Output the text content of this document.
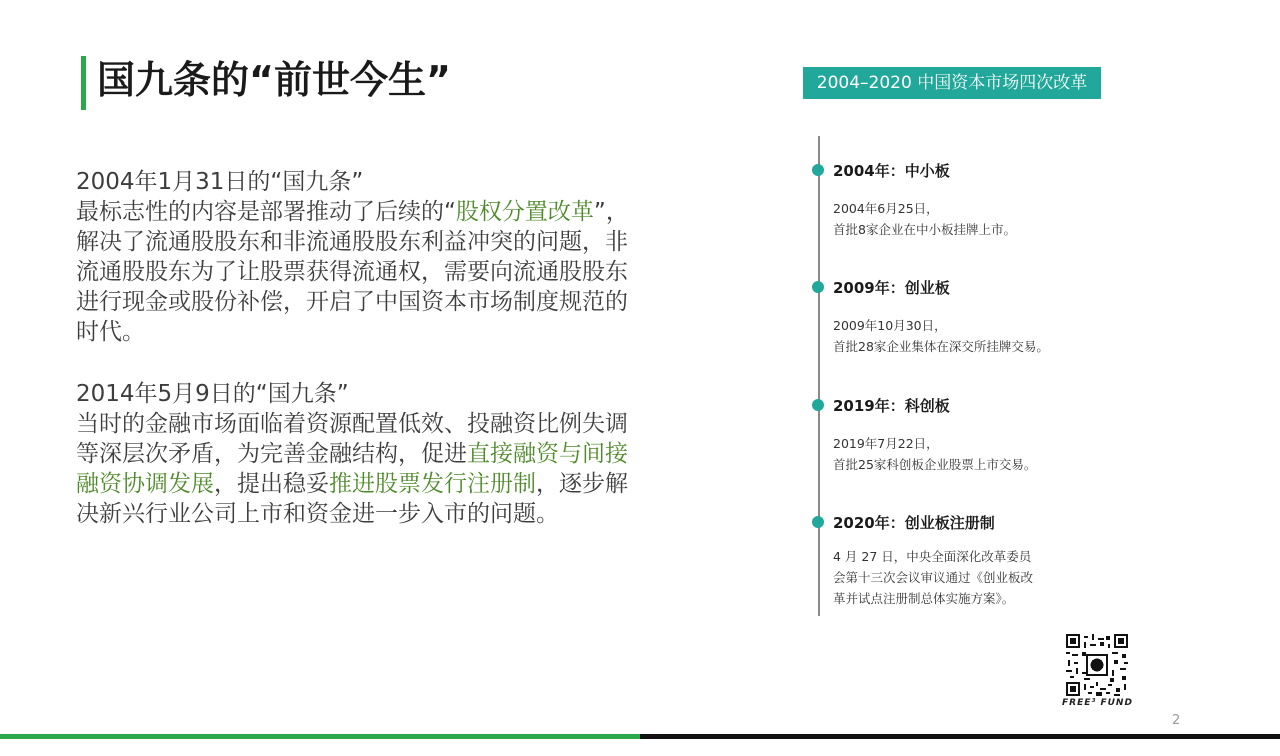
国九条的“前世今生”
2004年1月31日的“国九条”
最标志性的内容是部署推动了后续的“股权分置改革”，
解决了流通股股东和非流通股股东利益冲突的问题，非
流通股股东为了让股票获得流通权，需要向流通股股东
进行现金或股份补偿，开启了中国资本市场制度规范的
时代。
2014年5月9日的“国九条”
当时的金融市场面临着资源配置低效、投融资比例失调
等深层次矛盾，为完善金融结构，促进直接融资与间接
融资协调发展，提出稳妥推进股票发行注册制，逐步解
决新兴行业公司上市和资金进一步入市的问题。
2004–2020 中国资本市场四次改革
2004年：中小板
2004年6月25日，
首批8家企业在中小板挂牌上市。
2009年：创业板
2009年10月30日，
首批28家企业集体在深交所挂牌交易。
2019年：科创板
2019年7月22日，
首批25家科创板企业股票上市交易。
2020年：创业板注册制
4 月 27 日，中央全面深化改革委员
会第十三次会议审议通过《创业板改
革并试点注册制总体实施方案》。
FREE³ FUND
2
